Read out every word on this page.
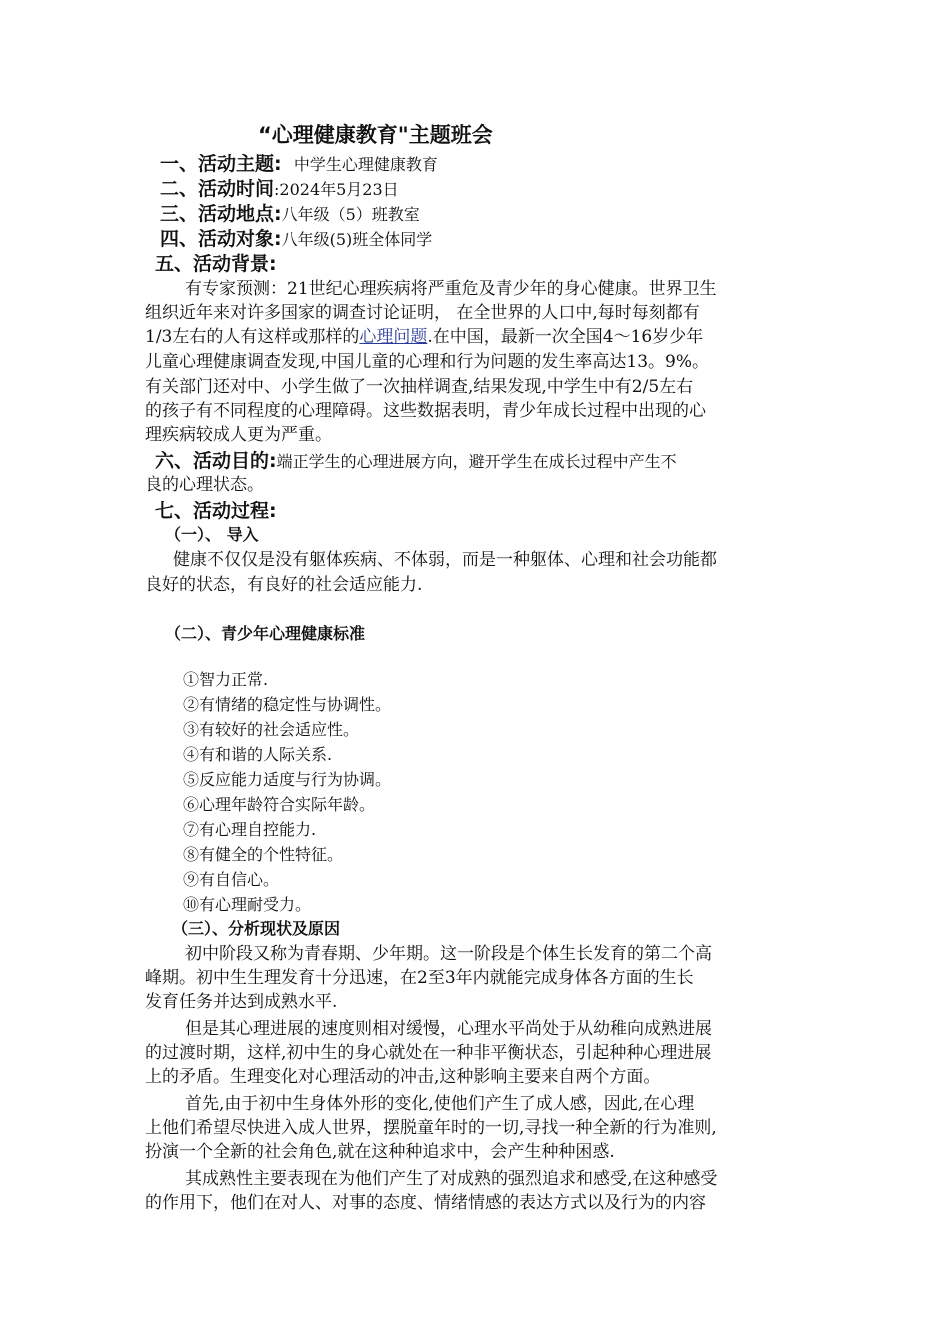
“心理健康教育"主题班会
一、活动主题: 中学生心理健康教育
二、活动时间:2024年5月23日
三、活动地点:八年级（5）班教室
四、活动对象:八年级(5)班全体同学
五、活动背景:
有专家预测：21世纪心理疾病将严重危及青少年的身心健康。世界卫生
组织近年来对许多国家的调查讨论证明， 在全世界的人口中,每时每刻都有
1/3左右的人有这样或那样的心理问题.在中国，最新一次全国4～16岁少年
儿童心理健康调查发现,中国儿童的心理和行为问题的发生率高达13。9%。
有关部门还对中、小学生做了一次抽样调查,结果发现,中学生中有2/5左右
的孩子有不同程度的心理障碍。这些数据表明，青少年成长过程中出现的心
理疾病较成人更为严重。
六、活动目的:端正学生的心理进展方向，避开学生在成长过程中产生不
良的心理状态。
七、活动过程:
（一）、 导入
健康不仅仅是没有躯体疾病、不体弱，而是一种躯体、心理和社会功能都
良好的状态，有良好的社会适应能力.
（二）、青少年心理健康标准
①智力正常.
②有情绪的稳定性与协调性。
③有较好的社会适应性。
④有和谐的人际关系.
⑤反应能力适度与行为协调。
⑥心理年龄符合实际年龄。
⑦有心理自控能力.
⑧有健全的个性特征。
⑨有自信心。
⑩有心理耐受力。
（三）、分析现状及原因
初中阶段又称为青春期、少年期。这一阶段是个体生长发育的第二个高
峰期。初中生生理发育十分迅速，在2至3年内就能完成身体各方面的生长
发育任务并达到成熟水平.
但是其心理进展的速度则相对缓慢，心理水平尚处于从幼稚向成熟进展
的过渡时期，这样,初中生的身心就处在一种非平衡状态，引起种种心理进展
上的矛盾。生理变化对心理活动的冲击,这种影响主要来自两个方面。
首先,由于初中生身体外形的变化,使他们产生了成人感，因此,在心理
上他们希望尽快进入成人世界，摆脱童年时的一切,寻找一种全新的行为准则,
扮演一个全新的社会角色,就在这种种追求中，会产生种种困惑.
其成熟性主要表现在为他们产生了对成熟的强烈追求和感受,在这种感受
的作用下，他们在对人、对事的态度、情绪情感的表达方式以及行为的内容
